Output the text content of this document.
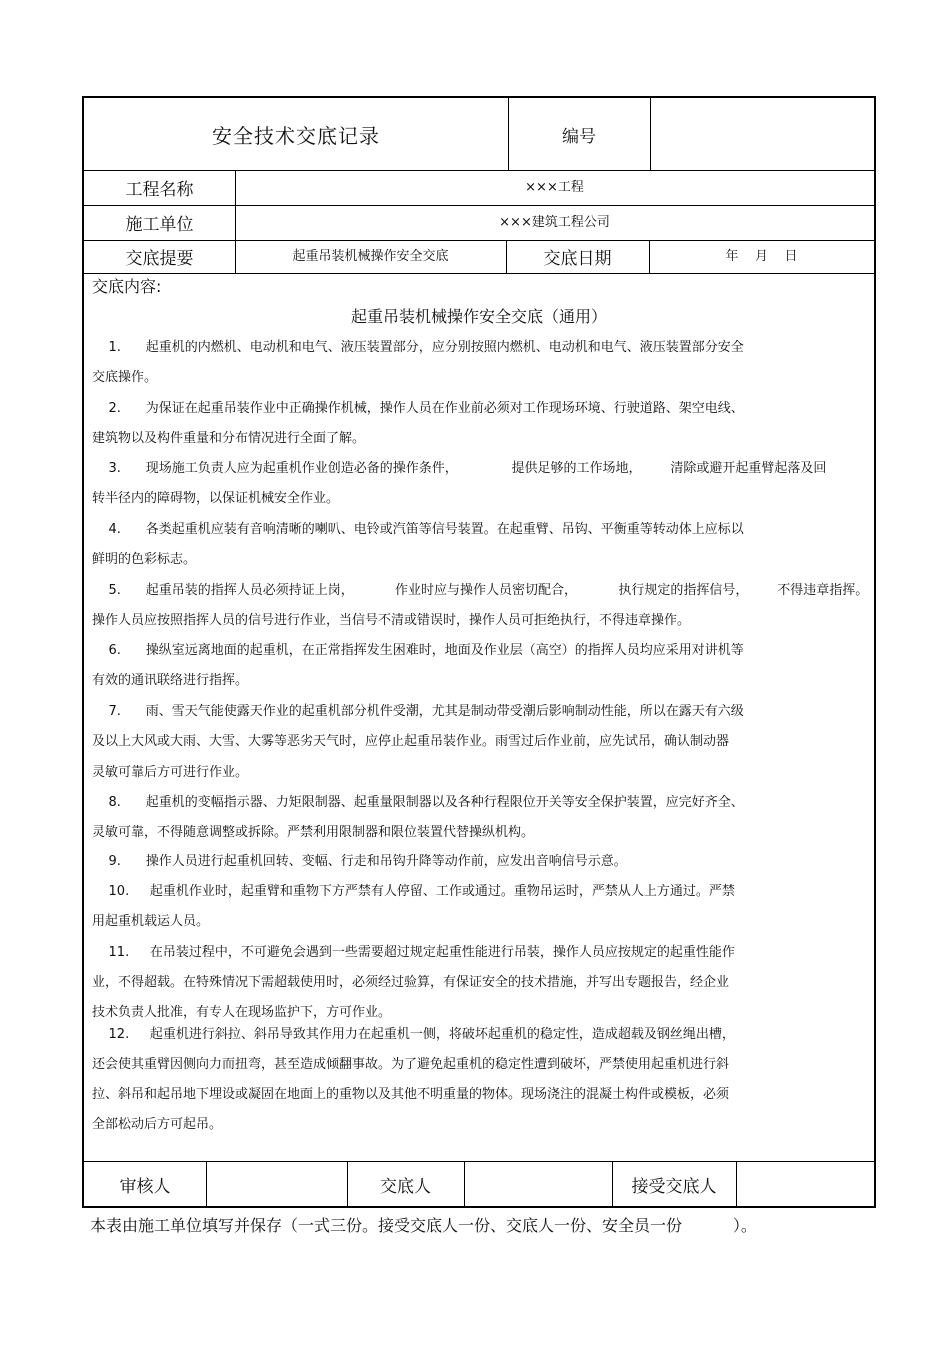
安全技术交底记录	编号
工程名称	×××工程
施工单位	×××建筑工程公司
交底提要	起重吊装机械操作安全交底	交底日期	年    月    日
交底内容:
起重吊装机械操作安全交底（通用）
1.      起重机的内燃机、电动机和电气、液压装置部分，应分别按照内燃机、电动机和电气、液压装置部分安全
交底操作。
2.      为保证在起重吊装作业中正确操作机械，操作人员在作业前必须对工作现场环境、行驶道路、架空电线、
建筑物以及构件重量和分布情况进行全面了解。
3.      现场施工负责人应为起重机作业创造必备的操作条件，             提供足够的工作场地，       清除或避开起重臂起落及回
转半径内的障碍物，以保证机械安全作业。
4.      各类起重机应装有音响清晰的喇叭、电铃或汽笛等信号装置。在起重臂、吊钩、平衡重等转动体上应标以
鲜明的色彩标志。
5.      起重吊装的指挥人员必须持证上岗，          作业时应与操作人员密切配合，          执行规定的指挥信号，       不得违章指挥。
操作人员应按照指挥人员的信号进行作业，当信号不清或错误时，操作人员可拒绝执行，不得违章操作。
6.      操纵室远离地面的起重机，在正常指挥发生困难时，地面及作业层（高空）的指挥人员均应采用对讲机等
有效的通讯联络进行指挥。
7.      雨、雪天气能使露天作业的起重机部分机件受潮，尤其是制动带受潮后影响制动性能，所以在露天有六级
及以上大风或大雨、大雪、大雾等恶劣天气时，应停止起重吊装作业。雨雪过后作业前，应先试吊，确认制动器
灵敏可靠后方可进行作业。
8.      起重机的变幅指示器、力矩限制器、起重量限制器以及各种行程限位开关等安全保护装置，应完好齐全、
灵敏可靠，不得随意调整或拆除。严禁利用限制器和限位装置代替操纵机构。
9.      操作人员进行起重机回转、变幅、行走和吊钩升降等动作前，应发出音响信号示意。
10.     起重机作业时，起重臂和重物下方严禁有人停留、工作或通过。重物吊运时，严禁从人上方通过。严禁
用起重机载运人员。
11.     在吊装过程中，不可避免会遇到一些需要超过规定起重性能进行吊装，操作人员应按规定的起重性能作
业，不得超载。在特殊情况下需超载使用时，必须经过验算，有保证安全的技术措施，并写出专题报告，经企业
技术负责人批准，有专人在现场监护下，方可作业。
12.     起重机进行斜拉、斜吊导致其作用力在起重机一侧，将破坏起重机的稳定性，造成超载及钢丝绳出槽，
还会使其重臂因侧向力而扭弯，甚至造成倾翻事故。为了避免起重机的稳定性遭到破坏，严禁使用起重机进行斜
拉、斜吊和起吊地下埋设或凝固在地面上的重物以及其他不明重量的物体。现场浇注的混凝土构件或模板，必须
全部松动后方可起吊。
审核人	交底人	接受交底人
本表由施工单位填写并保存（一式三份。接受交底人一份、交底人一份、安全员一份          ）。
